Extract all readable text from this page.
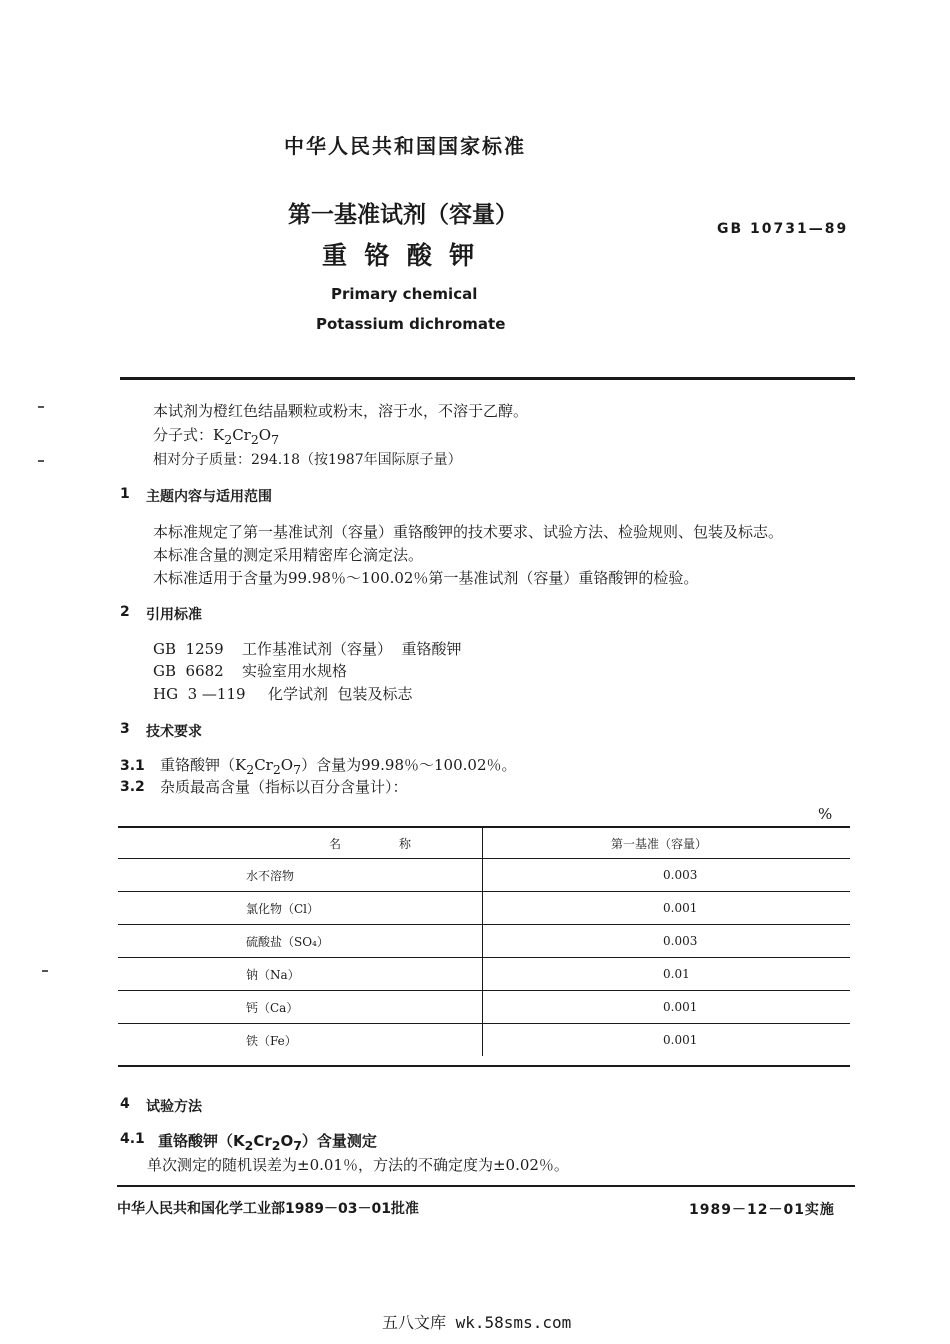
中华人民共和国国家标准
第一基准试剂（容量）
重  铬  酸  钾
GB 10731—89
Primary chemical
Potassium dichromate
本试剂为橙红色结晶颗粒或粉末，溶于水，不溶于乙醇。
分子式：$K_2Cr_2O_7$
相对分子质量：294.18（按1987年国际原子量）
1 主题内容与适用范围
本标准规定了第一基准试剂（容量）重铬酸钾的技术要求、试验方法、检验规则、包装及标志。
本标准含量的测定采用精密库仑滴定法。
木标准适用于含量为99.98％～100.02％第一基准试剂（容量）重铬酸钾的检验。
2 引用标准
GB  1259 工作基准试剂（容量）  重铬酸钾
GB  6682 实验室用水规格
HG  3 —119 化学试剂  包装及标志
3 技术要求
3.1 重铬酸钾$(K_2Cr_2O_7)$含量为99.98％～100.02％。
3.2 杂质最高含量（指标以百分含量计）：
%
名 称	第一基准（容量）
水不溶物	0.003
氯化物（Cl）	0.001
硫酸盐（SO₄）	0.003
钠（Na）	0.01
钙（Ca）	0.001
铁（Fe）	0.001
4 试验方法
4.1 重铬酸钾$(K_2Cr_2O_7)$含量测定
单次测定的随机误差为±0.01％，方法的不确定度为±0.02％。
中华人民共和国化学工业部1989－03－01批准	1989－12－01实施
五八文库 wk.58sms.com
